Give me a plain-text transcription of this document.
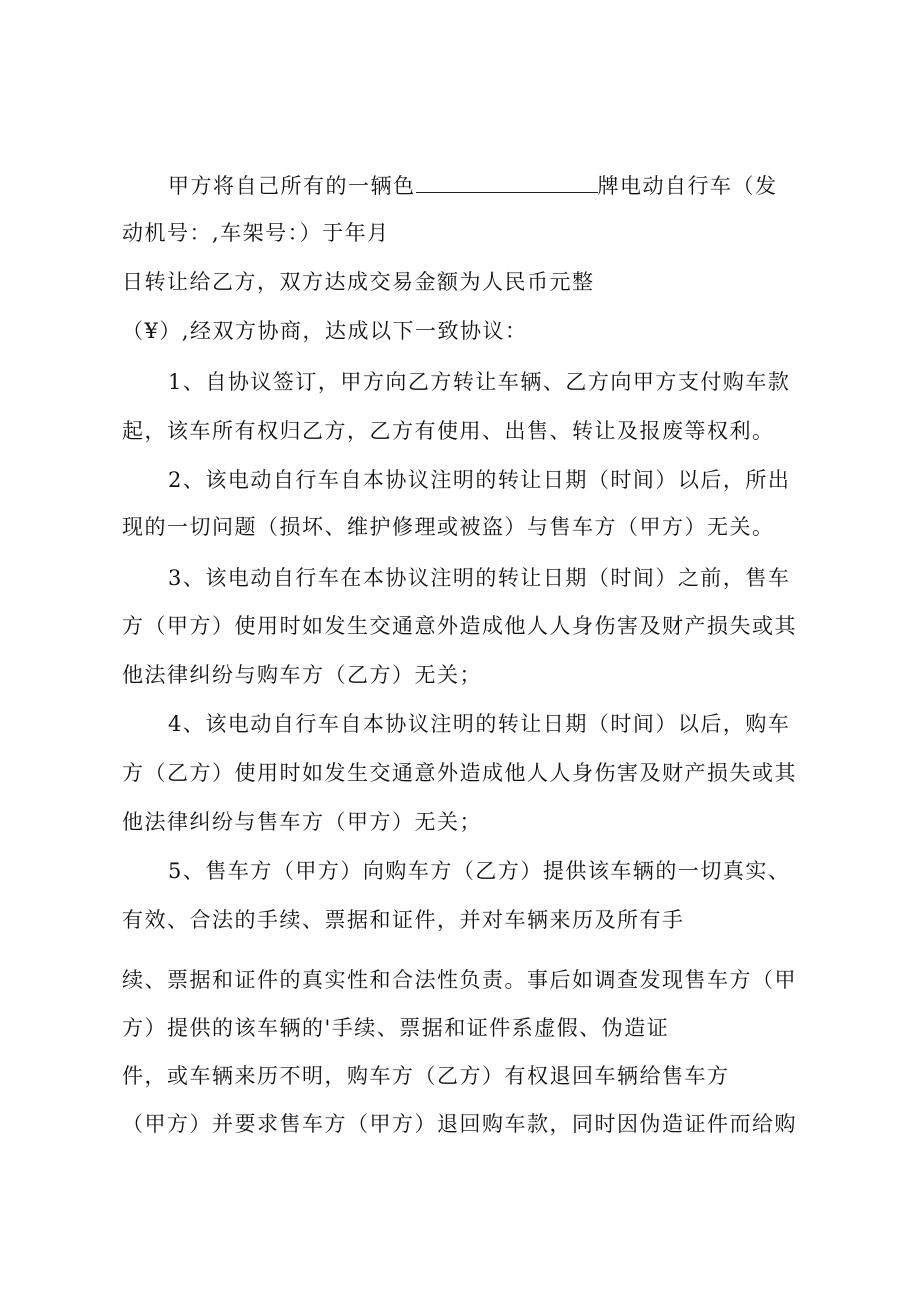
甲方将自己所有的一辆色	牌电动自行车（发
动机号：,车架号：）于年月
日转让给乙方，双方达成交易金额为人民币元整
（¥）,经双方协商，达成以下一致协议：
1、自协议签订，甲方向乙方转让车辆、乙方向甲方支付购车款
起，该车所有权归乙方，乙方有使用、出售、转让及报废等权利。
2、该电动自行车自本协议注明的转让日期（时间）以后，所出
现的一切问题（损坏、维护修理或被盗）与售车方（甲方）无关。
3、该电动自行车在本协议注明的转让日期（时间）之前，售车
方（甲方）使用时如发生交通意外造成他人人身伤害及财产损失或其
他法律纠纷与购车方（乙方）无关；
4、该电动自行车自本协议注明的转让日期（时间）以后，购车
方（乙方）使用时如发生交通意外造成他人人身伤害及财产损失或其
他法律纠纷与售车方（甲方）无关；
5、售车方（甲方）向购车方（乙方）提供该车辆的一切真实、
有效、合法的手续、票据和证件，并对车辆来历及所有手
续、票据和证件的真实性和合法性负责。事后如调查发现售车方（甲
方）提供的该车辆的'手续、票据和证件系虚假、伪造证
件，或车辆来历不明，购车方（乙方）有权退回车辆给售车方
（甲方）并要求售车方（甲方）退回购车款，同时因伪造证件而给购
